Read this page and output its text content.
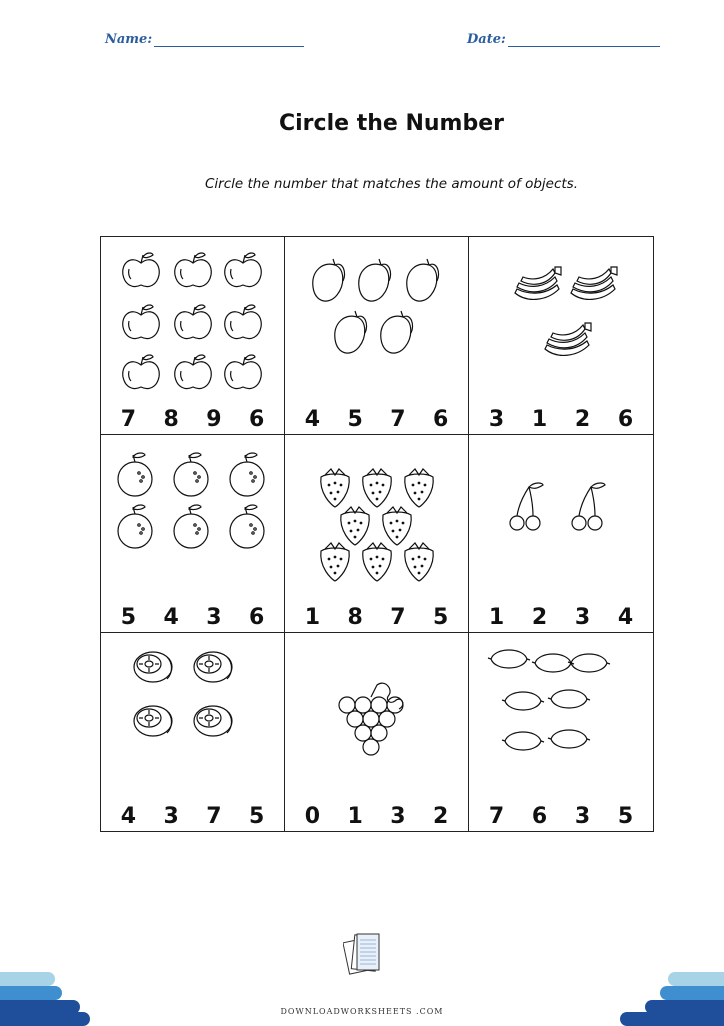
Name:	Date:
Circle the Number
Circle the number that matches the amount of objects.
7 8 9 6 4 5 7 6 3 1 2 6
5 4 3 6 1 8 7 5 1 2 3 4
4 3 7 5 0 1 3 2 7 6 3 5
DOWNLOADWORKSHEETS .COM
